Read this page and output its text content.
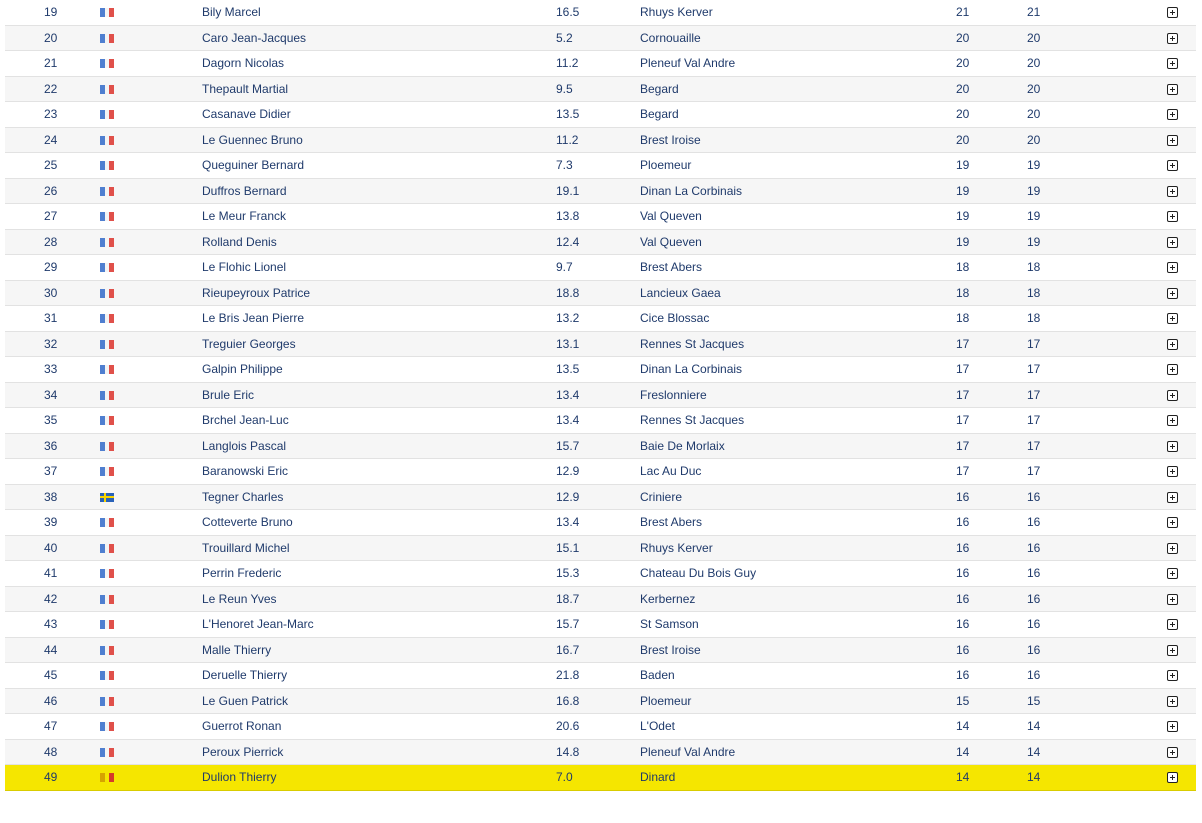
19	Bily Marcel	16.5	Rhuys Kerver	21	21
20	Caro Jean-Jacques	5.2	Cornouaille	20	20
21	Dagorn Nicolas	11.2	Pleneuf Val Andre	20	20
22	Thepault Martial	9.5	Begard	20	20
23	Casanave Didier	13.5	Begard	20	20
24	Le Guennec Bruno	11.2	Brest Iroise	20	20
25	Queguiner Bernard	7.3	Ploemeur	19	19
26	Duffros Bernard	19.1	Dinan La Corbinais	19	19
27	Le Meur Franck	13.8	Val Queven	19	19
28	Rolland Denis	12.4	Val Queven	19	19
29	Le Flohic Lionel	9.7	Brest Abers	18	18
30	Rieupeyroux Patrice	18.8	Lancieux Gaea	18	18
31	Le Bris Jean Pierre	13.2	Cice Blossac	18	18
32	Treguier Georges	13.1	Rennes St Jacques	17	17
33	Galpin Philippe	13.5	Dinan La Corbinais	17	17
34	Brule Eric	13.4	Freslonniere	17	17
35	Brchel Jean-Luc	13.4	Rennes St Jacques	17	17
36	Langlois Pascal	15.7	Baie De Morlaix	17	17
37	Baranowski Eric	12.9	Lac Au Duc	17	17
38	Tegner Charles	12.9	Criniere	16	16
39	Cotteverte Bruno	13.4	Brest Abers	16	16
40	Trouillard Michel	15.1	Rhuys Kerver	16	16
41	Perrin Frederic	15.3	Chateau Du Bois Guy	16	16
42	Le Reun Yves	18.7	Kerbernez	16	16
43	L'Henoret Jean-Marc	15.7	St Samson	16	16
44	Malle Thierry	16.7	Brest Iroise	16	16
45	Deruelle Thierry	21.8	Baden	16	16
46	Le Guen Patrick	16.8	Ploemeur	15	15
47	Guerrot Ronan	20.6	L'Odet	14	14
48	Peroux Pierrick	14.8	Pleneuf Val Andre	14	14
49	Dulion Thierry	7.0	Dinard	14	14
